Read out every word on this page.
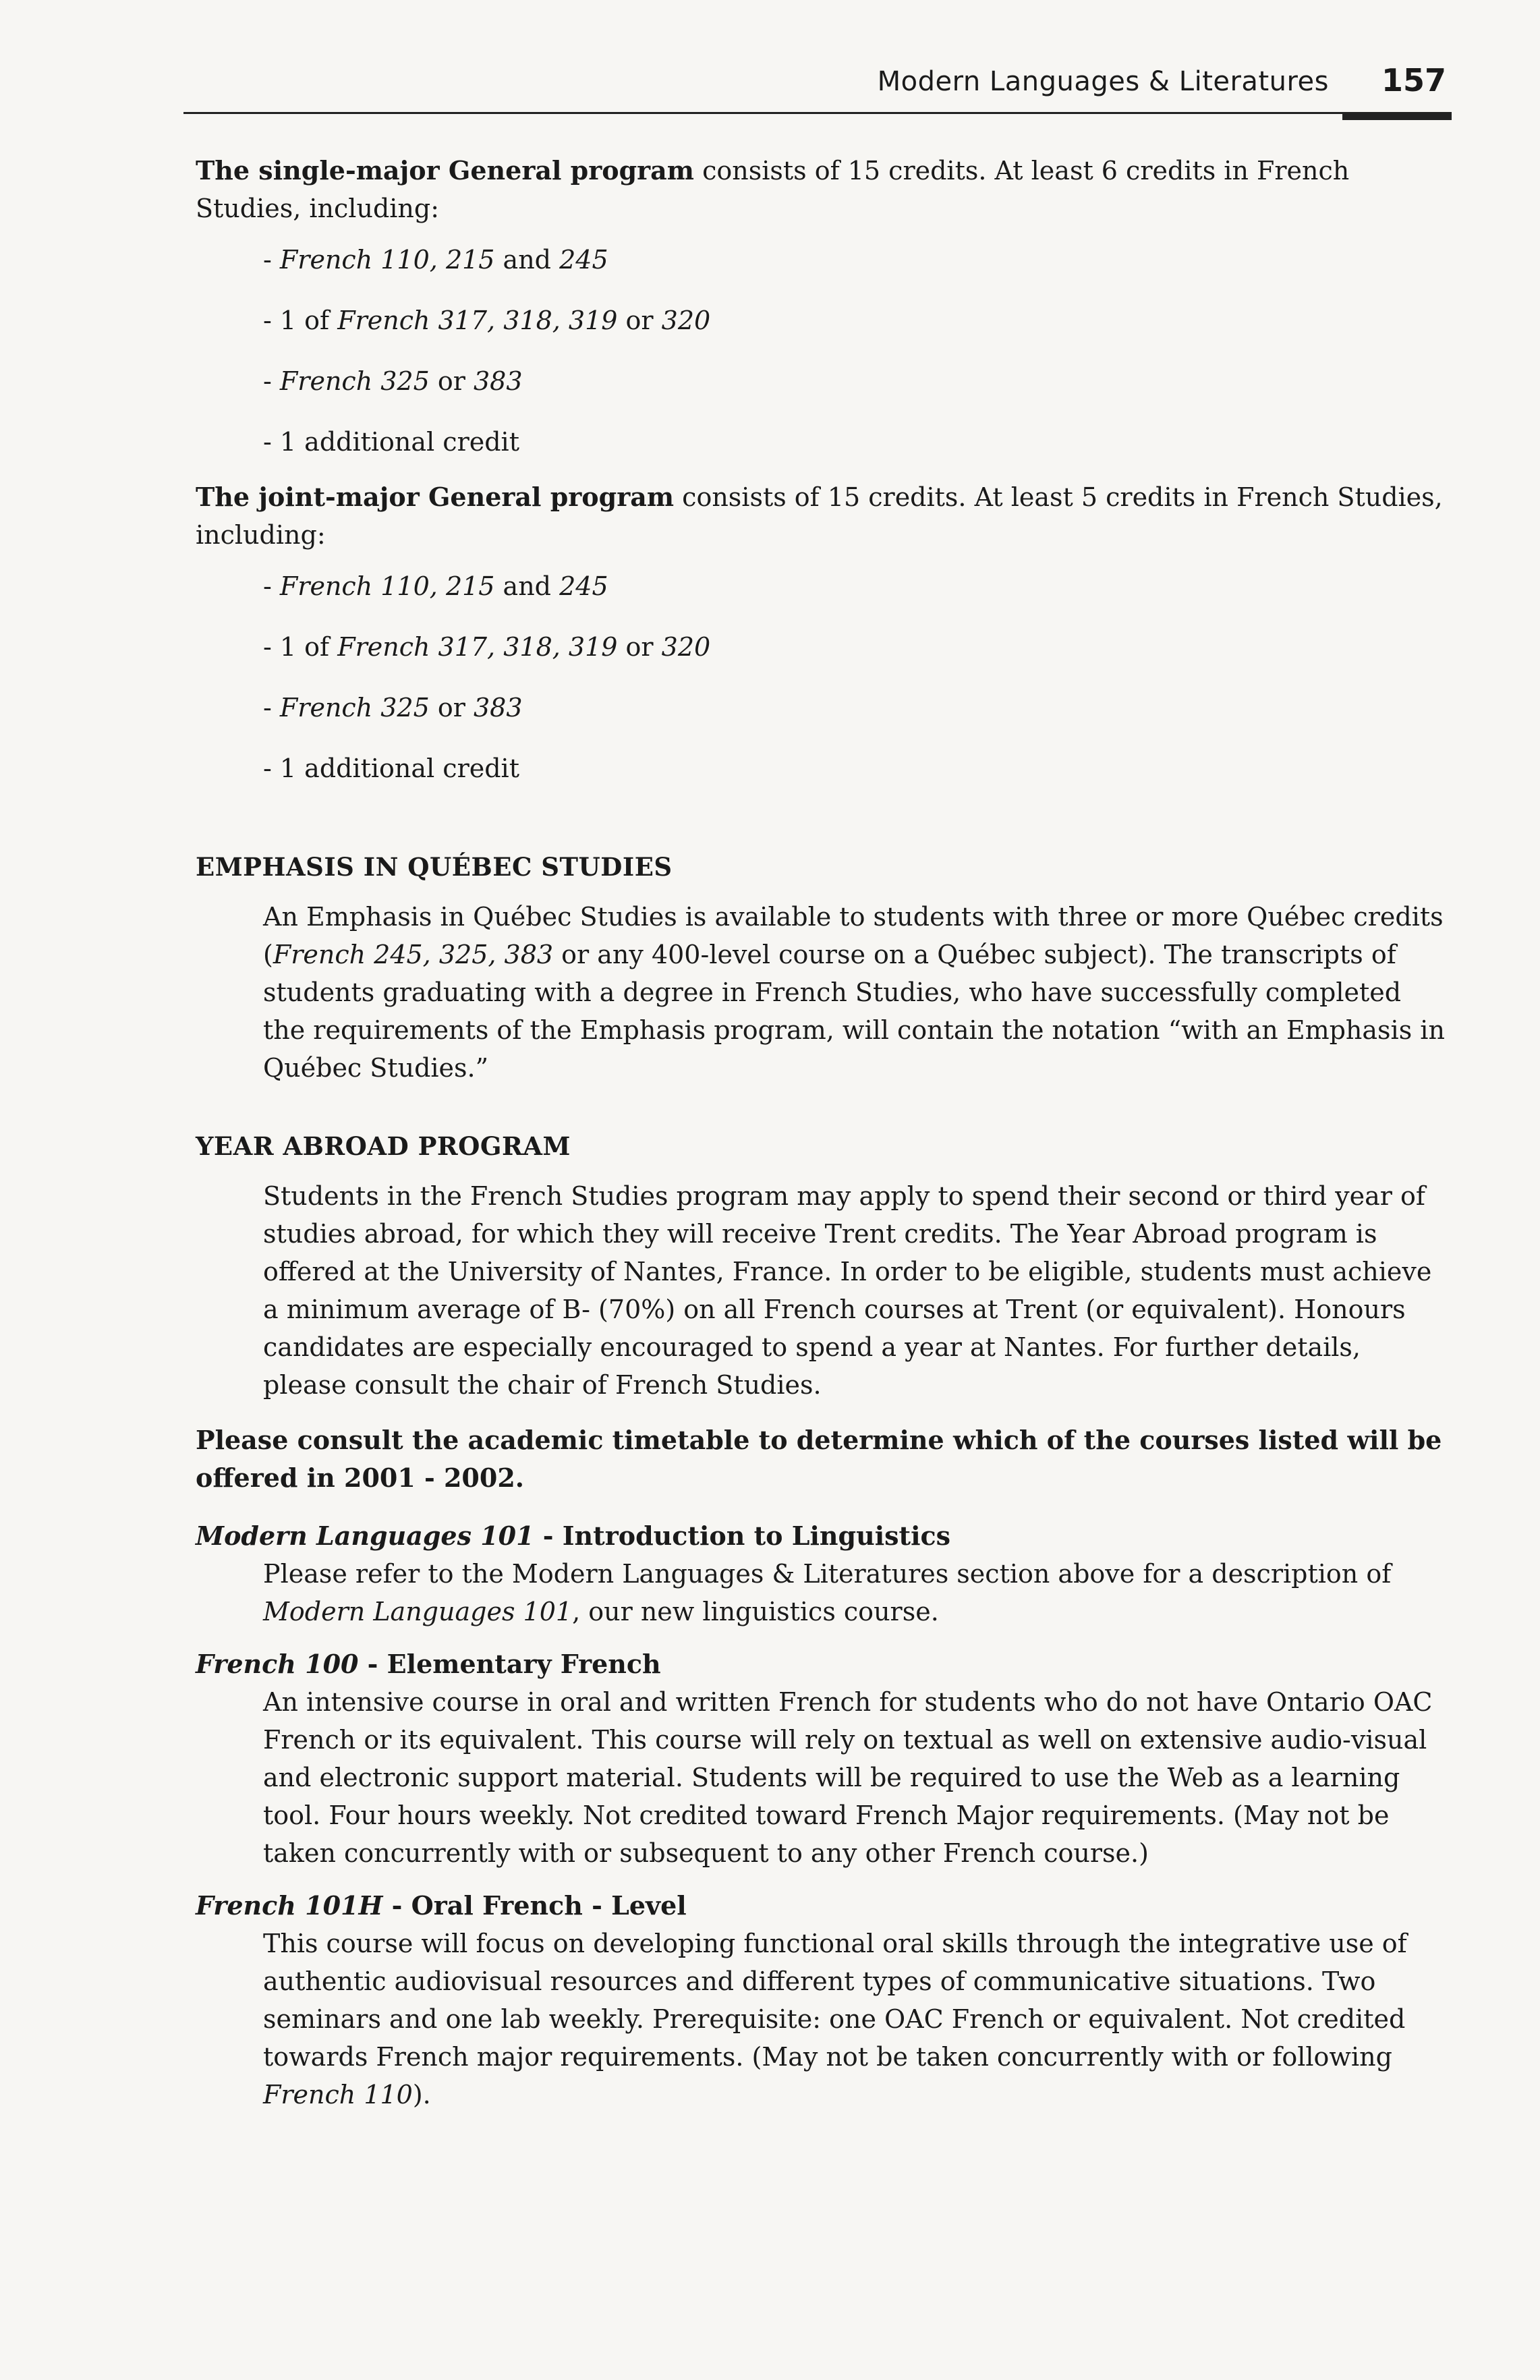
Modern Languages & Literatures 157

The single-major General program consists of 15 credits. At least 6 credits in French
Studies, including:

- French 110, 215 and 245
- 1 of French 317, 318, 319 or 320
- French 325 or 383
- 1 additional credit

The joint-major General program consists of 15 credits. At least 5 credits in French Studies,
including:

- French 110, 215 and 245
- 1 of French 317, 318, 319 or 320
- French 325 or 383
- 1 additional credit

EMPHASIS IN QUÉBEC STUDIES

An Emphasis in Québec Studies is available to students with three or more Québec credits (French 245, 325, 383 or any 400-level course on a Québec subject). The transcripts of students graduating with a degree in French Studies, who have successfully completed the requirements of the Emphasis program, will contain the notation “with an Emphasis in Québec Studies.”

YEAR ABROAD PROGRAM

Students in the French Studies program may apply to spend their second or third year of studies abroad, for which they will receive Trent credits. The Year Abroad program is offered at the University of Nantes, France. In order to be eligible, students must achieve a minimum average of B- (70%) on all French courses at Trent (or equivalent). Honours candidates are especially encouraged to spend a year at Nantes. For further details, please consult the chair of French Studies.

Please consult the academic timetable to determine which of the courses listed will be offered in 2001 - 2002.

Modern Languages 101 - Introduction to Linguistics

Please refer to the Modern Languages & Literatures section above for a description of Modern Languages 101, our new linguistics course.

French 100 - Elementary French

An intensive course in oral and written French for students who do not have Ontario OAC French or its equivalent. This course will rely on textual as well on extensive audio-visual and electronic support material. Students will be required to use the Web as a learning tool. Four hours weekly. Not credited toward French Major requirements. (May not be taken concurrently with or subsequent to any other French course.)

French 101H - Oral French - Level

This course will focus on developing functional oral skills through the integrative use of authentic audiovisual resources and different types of communicative situations. Two seminars and one lab weekly. Prerequisite: one OAC French or equivalent. Not credited towards French major requirements. (May not be taken concurrently with or following French 110).
